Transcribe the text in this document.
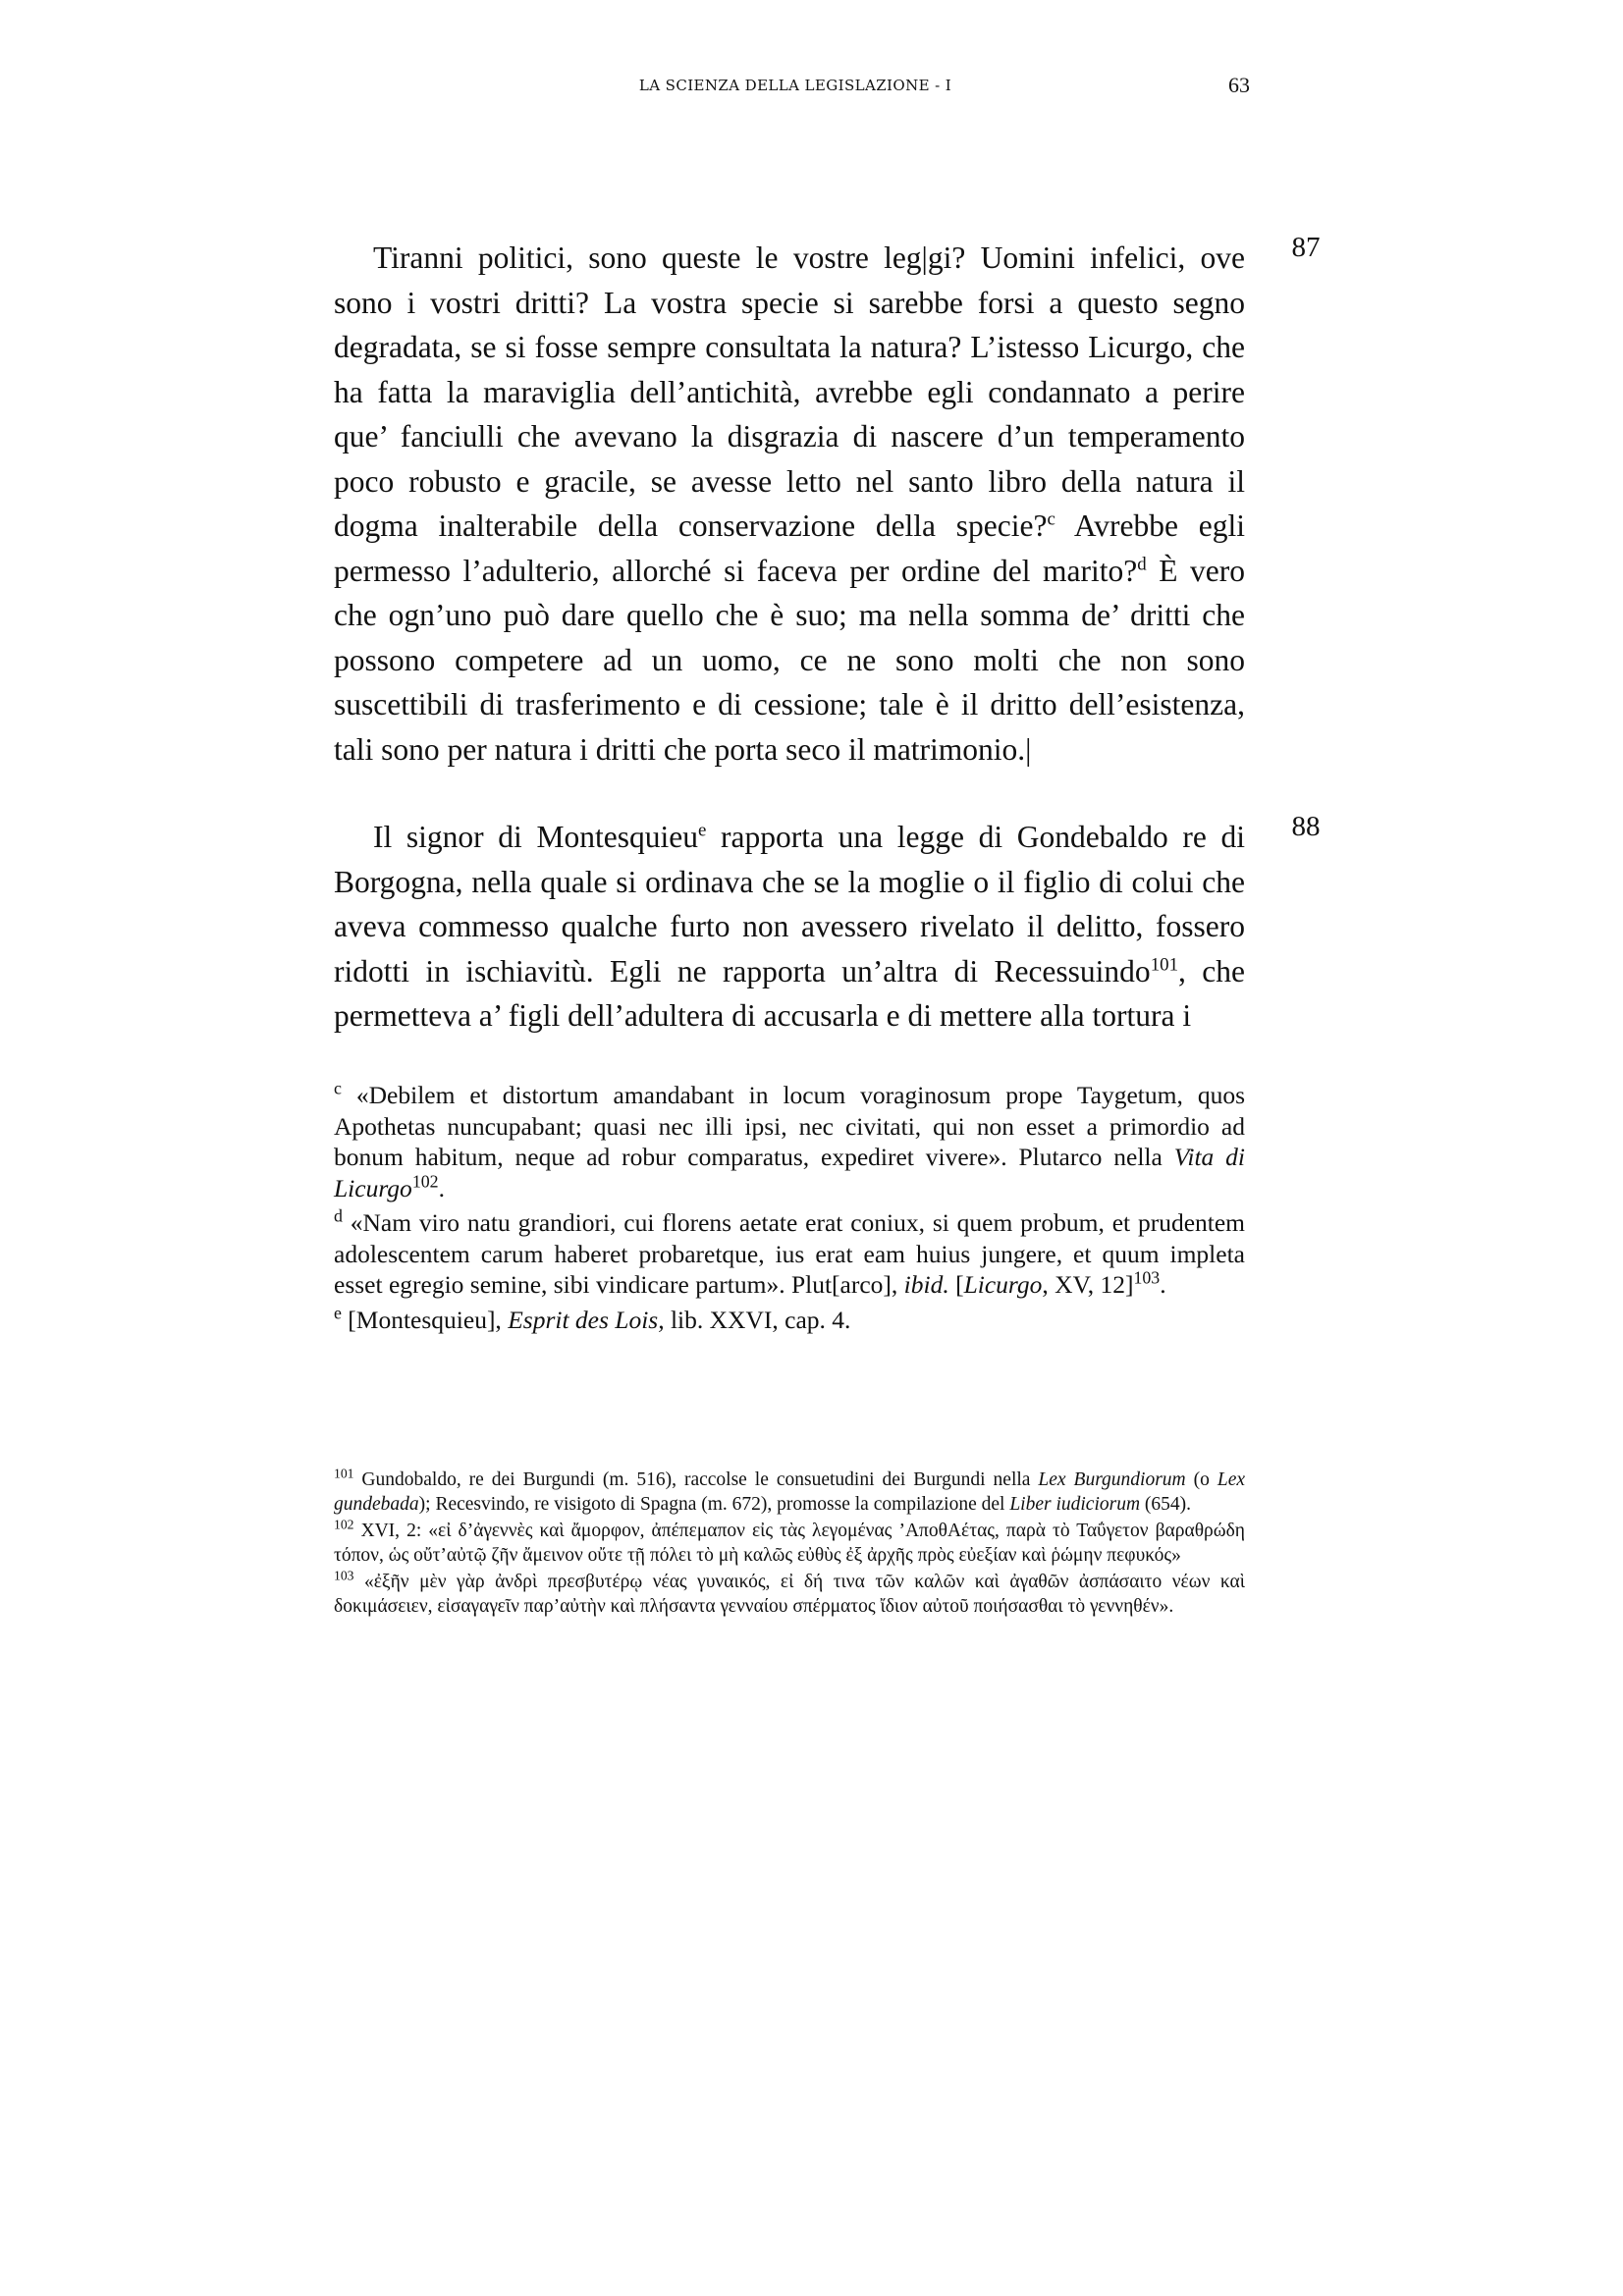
LA SCIENZA DELLA LEGISLAZIONE - I	63
87
88

Tiranni politici, sono queste le vostre leg|gi? Uomini infelici, ove sono i vostri dritti? La vostra specie si sarebbe forsi a questo segno degradata, se si fosse sempre consultata la natura? L’istesso Licurgo, che ha fatta la maraviglia dell’antichità, avrebbe egli condannato a perire que’ fanciulli che avevano la disgrazia di nascere d’un temperamento poco robusto e gracile, se avesse letto nel santo libro della natura il dogma inalterabile della conservazione della specie?$^c$ Avrebbe egli permesso l’adulterio, allorché si faceva per ordine del marito?$^d$ È vero che ogn’uno può dare quello che è suo; ma nella somma de’ dritti che possono competere ad un uomo, ce ne sono molti che non sono suscettibili di trasferimento e di cessione; tale è il dritto dell’esistenza, tali sono per natura i dritti che porta seco il matrimonio.|

Il signor di Montesquieu$^e$ rapporta una legge di Gondebaldo re di Borgogna, nella quale si ordinava che se la moglie o il figlio di colui che aveva commesso qualche furto non avessero rivelato il delitto, fossero ridotti in ischiavitù. Egli ne rapporta un’altra di Recessuindo$^{101}$, che permetteva a’ figli dell’adultera di accusarla e di mettere alla tortura i

$^c$ «Debilem et distortum amandabant in locum voraginosum prope Taygetum, quos Apothetas nuncupabant; quasi nec illi ipsi, nec civitati, qui non esset a primordio ad bonum habitum, neque ad robur comparatus, expediret vivere». Plutarco nella Vita di Licurgo$^{102}$.

$^d$ «Nam viro natu grandiori, cui florens aetate erat coniux, si quem probum, et prudentem adolescentem carum haberet probaretque, ius erat eam huius jungere, et quum impleta esset egregio semine, sibi vindicare partum». Plut[arco], ibid. [Licurgo, XV, 12]$^{103}$.

$^e$ [Montesquieu], Esprit des Lois, lib. XXVI, cap. 4.

$^{101}$ Gundobaldo, re dei Burgundi (m. 516), raccolse le consuetudini dei Burgundi nella Lex Burgundiorum (o Lex gundebada); Recesvindo, re visigoto di Spagna (m. 672), promosse la compilazione del Liber iudiciorum (654).

$^{102}$ XVI, 2: «εἰ δ’ἀγεννὲς καὶ ἄμορφον, ἀπέπεμαπον εἰς τὰς λεγομένας ’ΑποθΑέτας, παρὰ τὸ Ταΰγετον βαραθρώδη τόπον, ὡς οὔτ’αὐτῷ ζῆν ἄμεινον οὔτε τῇ πόλει τὸ μὴ καλῶς εὐθὺς ἐξ ἀρχῆς πρὸς εὐεξίαν καὶ ῥώμην πεφυκός»

$^{103}$ «ἐξῆν μὲν γὰρ ἀνδρὶ πρεσβυτέρῳ νέας γυναικός, εἰ δή τινα τῶν καλῶν καὶ ἀγαθῶν ἀσπάσαιτο νέων καὶ δοκιμάσειεν, εἰσαγαγεῖν παρ’αὐτὴν καὶ πλήσαντα γενναίου σπέρματος ἴδιον αὐτοῦ ποιήσασθαι τὸ γεννηθέν».
